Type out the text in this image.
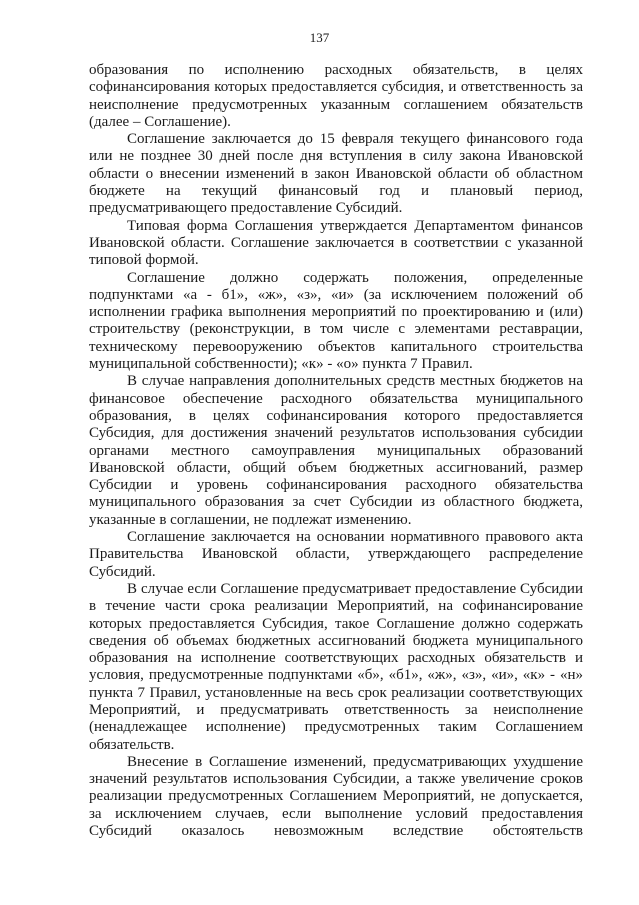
137

образования по исполнению расходных обязательств, в целях софинансирования которых предоставляется субсидия, и ответственность за неисполнение предусмотренных указанным соглашением обязательств (далее – Соглашение).

Соглашение заключается до 15 февраля текущего финансового года или не позднее 30 дней после дня вступления в силу закона Ивановской области о внесении изменений в закон Ивановской области об областном бюджете на текущий финансовый год и плановый период, предусматривающего предоставление Субсидий.

Типовая форма Соглашения утверждается Департаментом финансов Ивановской области. Соглашение заключается в соответствии с указанной типовой формой.

Соглашение должно содержать положения, определенные подпунктами «а - б1», «ж», «з», «и» (за исключением положений об исполнении графика выполнения мероприятий по проектированию и (или) строительству (реконструкции, в том числе с элементами реставрации, техническому перевооружению объектов капитального строительства муниципальной собственности); «к» - «о» пункта 7 Правил.

В случае направления дополнительных средств местных бюджетов на финансовое обеспечение расходного обязательства муниципального образования, в целях софинансирования которого предоставляется Субсидия, для достижения значений результатов использования субсидии органами местного самоуправления муниципальных образований Ивановской области, общий объем бюджетных ассигнований, размер Субсидии и уровень софинансирования расходного обязательства муниципального образования за счет Субсидии из областного бюджета, указанные в соглашении, не подлежат изменению.

Соглашение заключается на основании нормативного правового акта Правительства Ивановской области, утверждающего распределение Субсидий.

В случае если Соглашение предусматривает предоставление Субсидии в течение части срока реализации Мероприятий, на софинансирование которых предоставляется Субсидия, такое Соглашение должно содержать сведения об объемах бюджетных ассигнований бюджета муниципального образования на исполнение соответствующих расходных обязательств и условия, предусмотренные подпунктами «б», «б1», «ж», «з», «и», «к» - «н» пункта 7 Правил, установленные на весь срок реализации соответствующих Мероприятий, и предусматривать ответственность за неисполнение (ненадлежащее исполнение) предусмотренных таким Соглашением обязательств.

Внесение в Соглашение изменений, предусматривающих ухудшение значений результатов использования Субсидии, а также увеличение сроков реализации предусмотренных Соглашением Мероприятий, не допускается, за исключением случаев, если выполнение условий предоставления Субсидий оказалось невозможным вследствие обстоятельств
